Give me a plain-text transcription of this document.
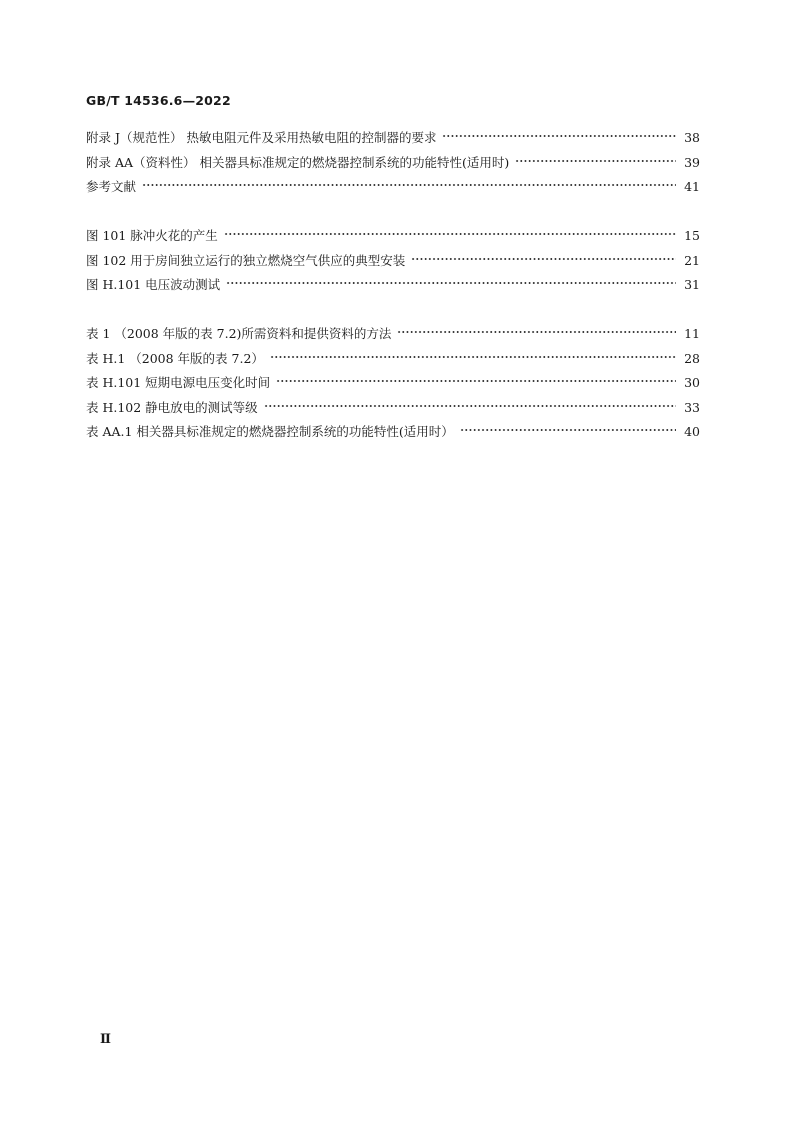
GB/T 14536.6—2022
附录 J（规范性） 热敏电阻元件及采用热敏电阻的控制器的要求	38
附录 AA（资料性） 相关器具标准规定的燃烧器控制系统的功能特性(适用时)	39
参考文献	41
图 101 脉冲火花的产生	15
图 102 用于房间独立运行的独立燃烧空气供应的典型安装	21
图 H.101 电压波动测试	31
表 1 （2008 年版的表 7.2)所需资料和提供资料的方法	11
表 H.1 （2008 年版的表 7.2）	28
表 H.101 短期电源电压变化时间	30
表 H.102 静电放电的测试等级	33
表 AA.1 相关器具标准规定的燃烧器控制系统的功能特性(适用时）	40
Ⅱ
